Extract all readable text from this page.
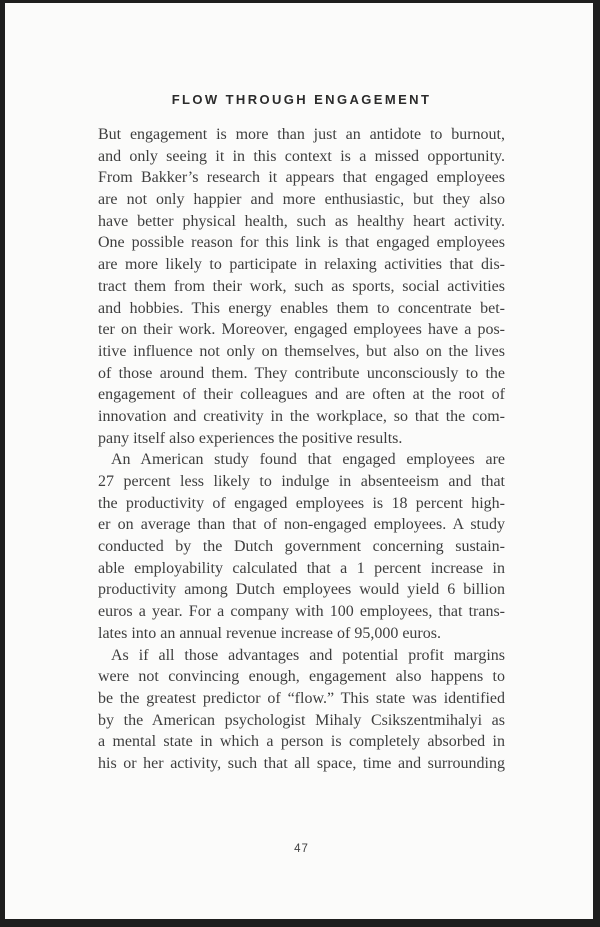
FLOW THROUGH ENGAGEMENT
But engagement is more than just an antidote to burnout,
and only seeing it in this context is a missed opportunity.
From Bakker’s research it appears that engaged employees
are not only happier and more enthusiastic, but they also
have better physical health, such as healthy heart activity.
One possible reason for this link is that engaged employees
are more likely to participate in relaxing activities that dis-
tract them from their work, such as sports, social activities
and hobbies. This energy enables them to concentrate bet-
ter on their work. Moreover, engaged employees have a pos-
itive influence not only on themselves, but also on the lives
of those around them. They contribute unconsciously to the
engagement of their colleagues and are often at the root of
innovation and creativity in the workplace, so that the com-
pany itself also experiences the positive results.
An American study found that engaged employees are
27 percent less likely to indulge in absenteeism and that
the productivity of engaged employees is 18 percent high-
er on average than that of non-engaged employees. A study
conducted by the Dutch government concerning sustain-
able employability calculated that a 1 percent increase in
productivity among Dutch employees would yield 6 billion
euros a year. For a company with 100 employees, that trans-
lates into an annual revenue increase of 95,000 euros.
As if all those advantages and potential profit margins
were not convincing enough, engagement also happens to
be the greatest predictor of “flow.” This state was identified
by the American psychologist Mihaly Csikszentmihalyi as
a mental state in which a person is completely absorbed in
his or her activity, such that all space, time and surrounding
47
